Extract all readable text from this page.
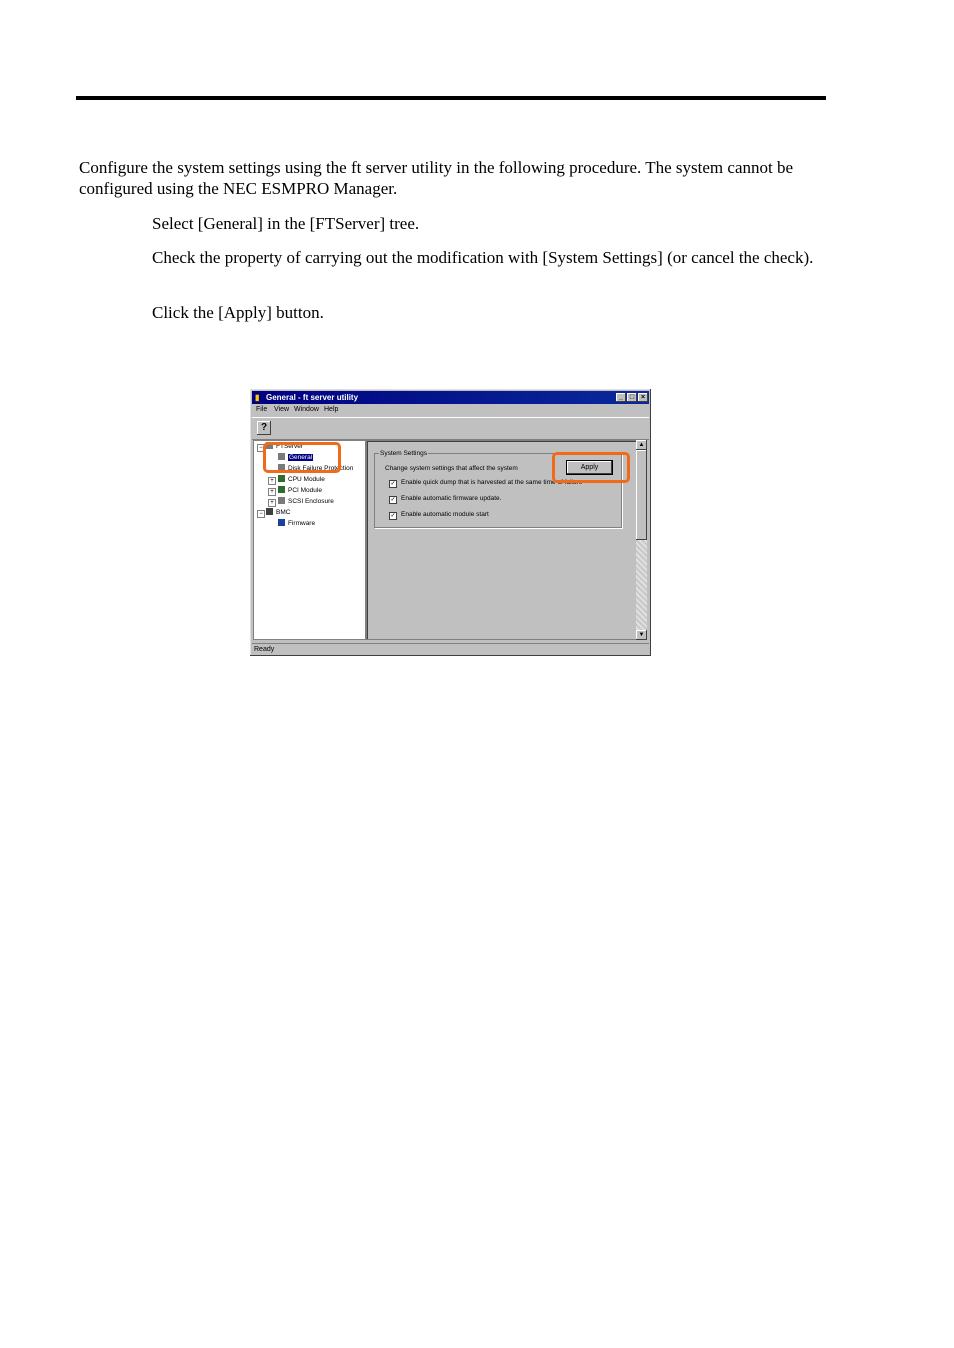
Configure the system settings using the ft server utility in the following procedure. The system cannot be configured using the NEC ESMPRO Manager.

Select [General] in the [FTServer] tree.

Check the property of carrying out the modification with [System Settings] (or cancel the check).

Click the [Apply] button.

▮ General - ft server utility	_ □ ×
File View Window Help
?
−	FTServer
General
Disk Failure Protection
+	CPU Module
+	PCI Module
+	SCSI Enclosure
−	BMC
Firmware
▲
▼
System Settings
Change system settings that affect the system
✓ Enable quick dump that is harvested at the same time of failure
✓ Enable automatic firmware update.
✓ Enable automatic module start
Apply
Ready
